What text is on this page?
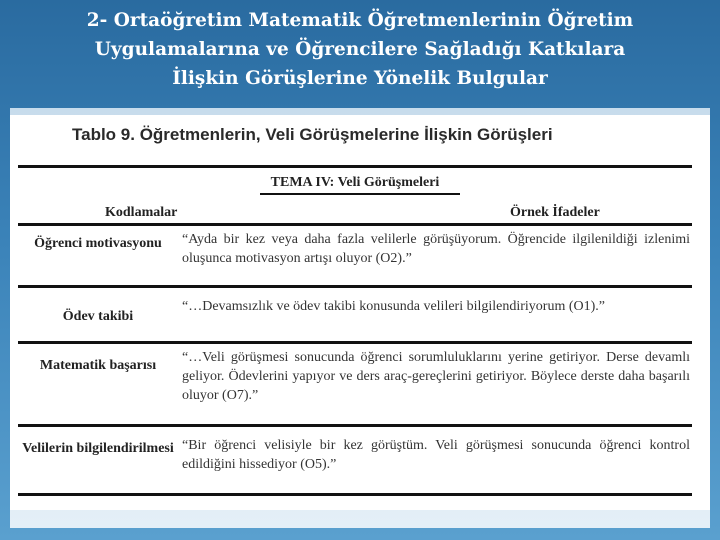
2- Ortaöğretim Matematik Öğretmenlerinin Öğretim
Uygulamalarına ve Öğrencilere Sağladığı Katkılara
İlişkin Görüşlerine Yönelik Bulgular
Tablo 9. Öğretmenlerin, Veli Görüşmelerine İlişkin Görüşleri
TEMA IV: Veli Görüşmeleri
Kodlamalar	Örnek İfadeler
Öğrenci motivasyonu	“Ayda bir kez veya daha fazla velilerle görüşüyorum. Öğrencide ilgilenildiği izlenimi oluşunca motivasyon artışı oluyor (O2).”
Ödev takibi
“…Devamsızlık ve ödev takibi konusunda velileri bilgilendiriyorum (O1).”
Matematik başarısı
“…Veli görüşmesi sonucunda öğrenci sorumluluklarını yerine getiriyor. Derse devamlı geliyor. Ödevlerini yapıyor ve ders araç-gereçlerini getiriyor. Böylece derste daha başarılı oluyor (O7).”
Velilerin bilgilendirilmesi “Bir öğrenci velisiyle bir kez görüştüm. Veli görüşmesi sonucunda öğrenci kontrol edildiğini hissediyor (O5).”
